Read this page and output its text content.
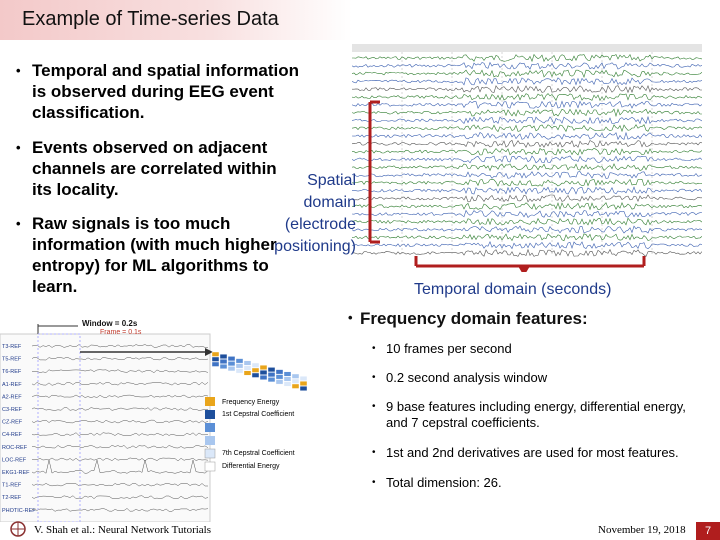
Example of Time-series Data
• Temporal and spatial information is observed during EEG event classification.
• Events observed on adjacent channels are correlated within its locality.
• Raw signals is too much information (with much higher entropy) for ML algorithms to learn.
Spatial
domain
(electrode
positioning)
Temporal domain (seconds)
• Frequency domain features:
• 10 frames per second
• 0.2 second analysis window
• 9 base features including energy, differential energy, and 7 cepstral coefficients.
• 1st and 2nd derivatives are used for most features.
• Total dimension: 26.
T3-REF
T5-REF
T6-REF
A1-REF
A2-REF
C3-REF
CZ-REF
C4-REF
ROC-REF
LOC-REF
EKG1-REF
T1-REF
T2-REF
PHOTIC-REF
Window = 0.2s
Frame = 0.1s
Frequency Energy
1st Cepstral Coefficient
7th Cepstral Coefficient
Differential Energy
V. Shah et al.: Neural Network Tutorials	November 19, 2018	7
